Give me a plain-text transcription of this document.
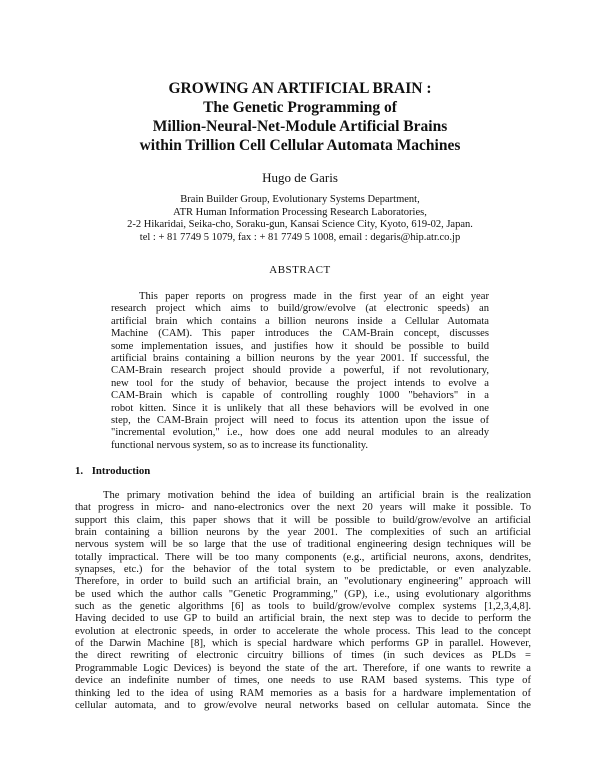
GROWING AN ARTIFICIAL BRAIN :
The Genetic Programming of
Million-Neural-Net-Module Artificial Brains
within Trillion Cell Cellular Automata Machines
Hugo de Garis
Brain Builder Group, Evolutionary Systems Department,
ATR Human Information Processing Research Laboratories,
2-2 Hikaridai, Seika-cho, Soraku-gun, Kansai Science City, Kyoto, 619-02, Japan.
tel : + 81 7749 5 1079, fax : + 81 7749 5 1008, email : degaris@hip.atr.co.jp
ABSTRACT
This paper reports on progress made in the first year of an eight year
research project which aims to build/grow/evolve (at electronic speeds) an
artificial brain which contains a billion neurons inside a Cellular Automata
Machine (CAM). This paper introduces the CAM-Brain concept, discusses
some implementation issues, and justifies how it should be possible to build
artificial brains containing a billion neurons by the year 2001. If successful, the
CAM-Brain research project should provide a powerful, if not revolutionary,
new tool for the study of behavior, because the project intends to evolve a
CAM-Brain which is capable of controlling roughly 1000 "behaviors" in a
robot kitten. Since it is unlikely that all these behaviors will be evolved in one
step, the CAM-Brain project will need to focus its attention upon the issue of
"incremental evolution," i.e., how does one add neural modules to an already
functional nervous system, so as to increase its functionality.
1. Introduction
The primary motivation behind the idea of building an artificial brain is the realization
that progress in micro- and nano-electronics over the next 20 years will make it possible. To
support this claim, this paper shows that it will be possible to build/grow/evolve an artificial
brain containing a billion neurons by the year 2001. The complexities of such an artificial
nervous system will be so large that the use of traditional engineering design techniques will be
totally impractical. There will be too many components (e.g., artificial neurons, axons, dendrites,
synapses, etc.) for the behavior of the total system to be predictable, or even analyzable.
Therefore, in order to build such an artificial brain, an "evolutionary engineering" approach will
be used which the author calls "Genetic Programming," (GP), i.e., using evolutionary algorithms
such as the genetic algorithms [6] as tools to build/grow/evolve complex systems [1,2,3,4,8].
Having decided to use GP to build an artificial brain, the next step was to decide to perform the
evolution at electronic speeds, in order to accelerate the whole process. This lead to the concept
of the Darwin Machine [8], which is special hardware which performs GP in parallel. However,
the direct rewriting of electronic circuitry billions of times (in such devices as PLDs =
Programmable Logic Devices) is beyond the state of the art. Therefore, if one wants to rewrite a
device an indefinite number of times, one needs to use RAM based systems. This type of
thinking led to the idea of using RAM memories as a basis for a hardware implementation of
cellular automata, and to grow/evolve neural networks based on cellular automata. Since the
